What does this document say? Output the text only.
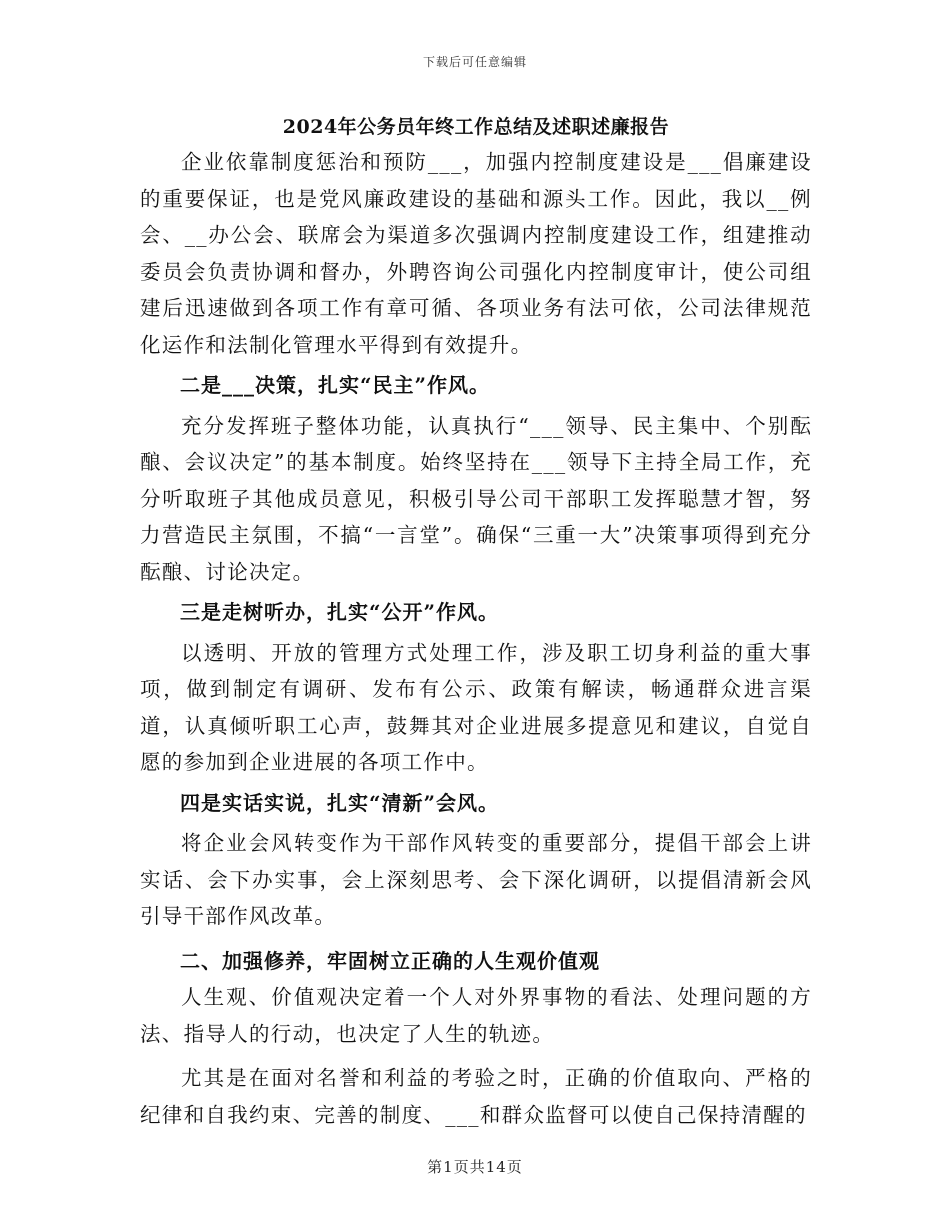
下载后可任意编辑
2024年公务员年终工作总结及述职述廉报告

企业依靠制度惩治和预防___，加强内控制度建设是___倡廉建设的重要保证，也是党风廉政建设的基础和源头工作。因此，我以__例会、__办公会、联席会为渠道多次强调内控制度建设工作，组建推动委员会负责协调和督办，外聘咨询公司强化内控制度审计，使公司组建后迅速做到各项工作有章可循、各项业务有法可依，公司法律规范化运作和法制化管理水平得到有效提升。

二是___决策，扎实“民主”作风。

充分发挥班子整体功能，认真执行“___领导、民主集中、个别酝酿、会议决定”的基本制度。始终坚持在___领导下主持全局工作，充分听取班子其他成员意见，积极引导公司干部职工发挥聪慧才智，努力营造民主氛围，不搞“一言堂”。确保“三重一大”决策事项得到充分酝酿、讨论决定。

三是走树听办，扎实“公开”作风。

以透明、开放的管理方式处理工作，涉及职工切身利益的重大事项，做到制定有调研、发布有公示、政策有解读，畅通群众进言渠道，认真倾听职工心声，鼓舞其对企业进展多提意见和建议，自觉自愿的参加到企业进展的各项工作中。

四是实话实说，扎实“清新”会风。

将企业会风转变作为干部作风转变的重要部分，提倡干部会上讲实话、会下办实事，会上深刻思考、会下深化调研，以提倡清新会风引导干部作风改革。

二、加强修养，牢固树立正确的人生观价值观

人生观、价值观决定着一个人对外界事物的看法、处理问题的方法、指导人的行动，也决定了人生的轨迹。

尤其是在面对名誉和利益的考验之时，正确的价值取向、严格的纪律和自我约束、完善的制度、___和群众监督可以使自己保持清醒的

第1页共14页
